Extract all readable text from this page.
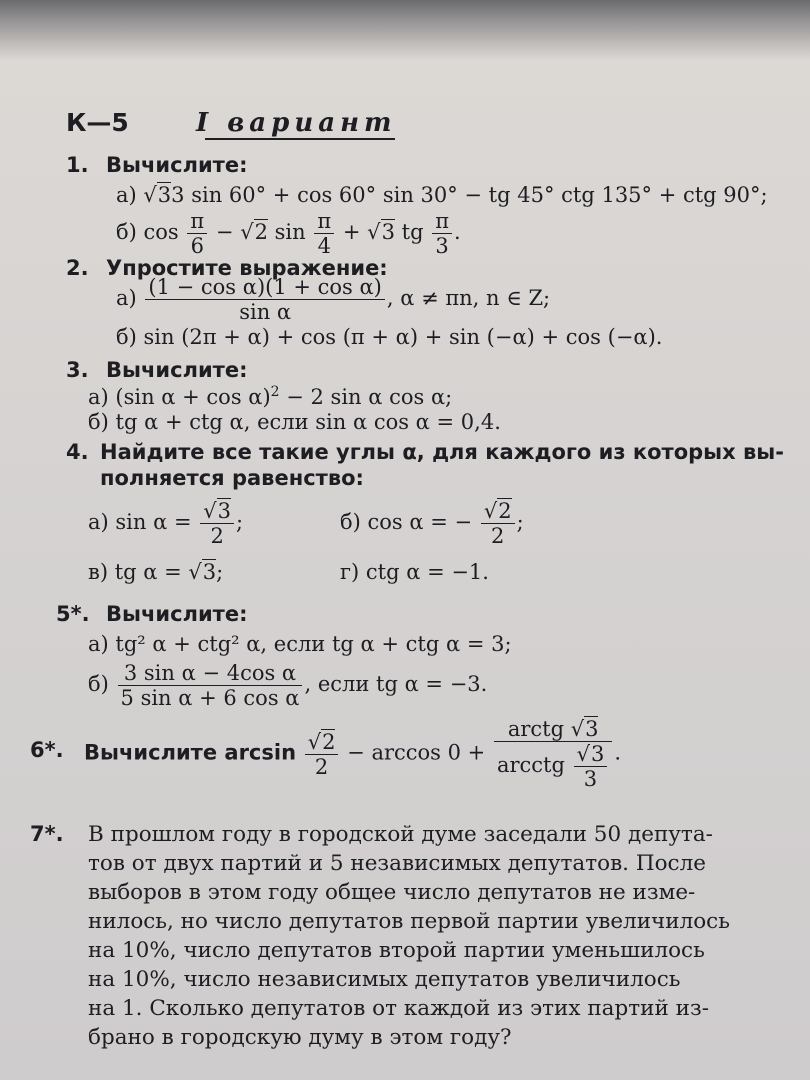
К—5	I вариант
1. Вычислите:
а) √33 sin 60° + cos 60° sin 30° − tg 45° ctg 135° + ctg 90°;
б) $\cos \frac{\pi}{6} - √2$ $\sin \frac{\pi}{4} + √3$ tg $\frac{\pi}{3}$ .
2. Упростите выражение:
$а) \frac{\text{(1 − cos α)(1 + cos α)}}{\text{sin α}}$ , α ≠ πn, n ∈ Z;
б) sin (2π + α) + cos (π + α) + sin (−α) + cos (−α).
3. Вычислите:
а) (sin α + cos α)$^2$ − 2 sin α cos α;
б) tg α + ctg α, если sin α cos α = 0,4.
4. Найдите все такие углы α, для каждого из которых вы-
полняется равенство:
а) $\sin \alpha = \frac{√3}{2}$ ;	б) cos α = − $\frac{√2}{2}$ ;
в) tg α = √3;	г) ctg α = −1.
5*. Вычислите:
а) tg² α + ctg² α, если tg α + ctg α = 3;
$б) \frac{\text{3 sin α − 4cos α}}{\text{5 sin α + 6 cos α}}$ , если tg α = −3.
6*. Вычислите $\arcsin \frac{√2}{2} - \arccos 0 + \frac{\text{arctg √3}}{arcctg \frac{√3}{3}}$ .
7*. В прошлом году в городской думе заседали 50 депута-
тов от двух партий и 5 независимых депутатов. После
выборов в этом году общее число депутатов не изме-
нилось, но число депутатов первой партии увеличилось
на 10%, число депутатов второй партии уменьшилось
на 10%, число независимых депутатов увеличилось
на 1. Сколько депутатов от каждой из этих партий из-
брано в городскую думу в этом году?
